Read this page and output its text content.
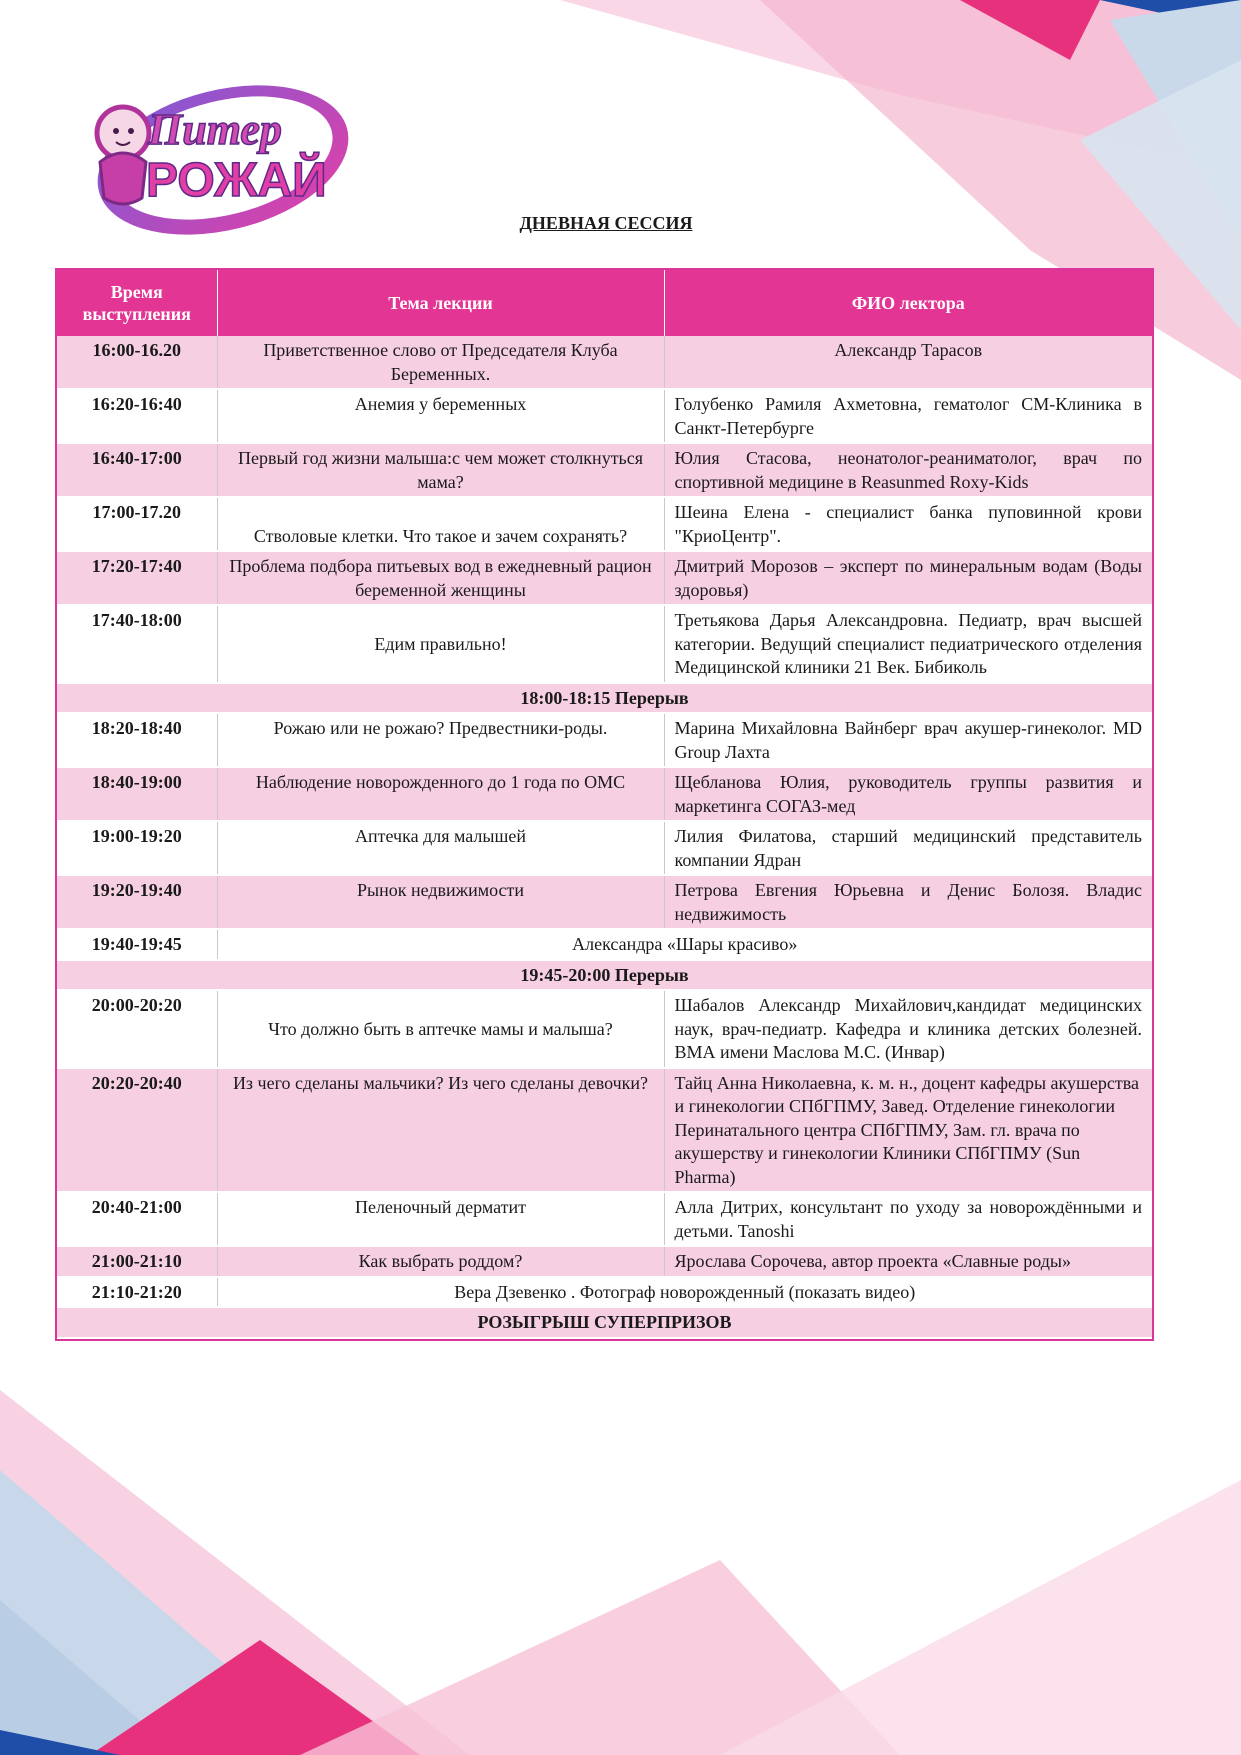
Питер
РОЖАЙ
ДНЕВНАЯ СЕССИЯ
Время выступления	Тема лекции	ФИО лектора
16:00-16.20	Приветственное слово от Председателя Клуба Беременных.	Александр Тарасов
16:20-16:40	Анемия у беременных	Голубенко Рамиля Ахметовна, гематолог СМ-Клиника в Санкт-Петербурге
16:40-17:00	Первый год жизни малыша:с чем может столкнуться мама?	Юлия Стасова, неонатолог-реаниматолог, врач по спортивной медицине в Reasunmed Roxy-Kids
17:00-17.20	Стволовые клетки. Что такое и зачем сохранять?	Шеина Елена - специалист банка пуповинной крови "КриоЦентр".
17:20-17:40	Проблема подбора питьевых вод в ежедневный рацион беременной женщины	Дмитрий Морозов – эксперт по минеральным водам (Воды здоровья)
17:40-18:00	Едим правильно!	Третьякова Дарья Александровна. Педиатр, врач высшей категории. Ведущий специалист педиатрического отделения Медицинской клиники 21 Век. Бибиколь
18:00-18:15 Перерыв		
18:20-18:40	Рожаю или не рожаю? Предвестники-роды.	Марина Михайловна Вайнберг врач акушер-гинеколог. MD Group Лахта
18:40-19:00	Наблюдение новорожденного до 1 года по ОМС	Щебланова Юлия, руководитель группы развития и маркетинга СОГАЗ-мед
19:00-19:20	Аптечка для малышей	Лилия Филатова, старший медицинский представитель компании Ядран
19:20-19:40	Рынок недвижимости	Петрова Евгения Юрьевна и Денис Болозя. Владис недвижимость
19:40-19:45	Александра «Шары красиво»	
19:45-20:00 Перерыв		
20:00-20:20	Что должно быть в аптечке мамы и малыша?	Шабалов Александр Михайлович,кандидат медицинских наук, врач-педиатр. Кафедра и клиника детских болезней. ВМА имени Маслова М.С. (Инвар)
20:20-20:40	Из чего сделаны мальчики? Из чего сделаны девочки?	Тайц Анна Николаевна, к. м. н., доцент кафедры акушерства и гинекологии СПбГПМУ, Завед. Отделение гинекологии Перинатального центра СПбГПМУ, Зам. гл. врача по акушерству и гинекологии Клиники СПбГПМУ (Sun Pharma)
20:40-21:00	Пеленочный дерматит	Алла Дитрих, консультант по уходу за новорождёнными и детьми. Tanoshi
21:00-21:10	Как выбрать роддом?	Ярослава Сорочева, автор проекта «Славные роды»
21:10-21:20	Вера Дзевенко . Фотограф новорожденный (показать видео)	
РОЗЫГРЫШ СУПЕРПРИЗОВ		
